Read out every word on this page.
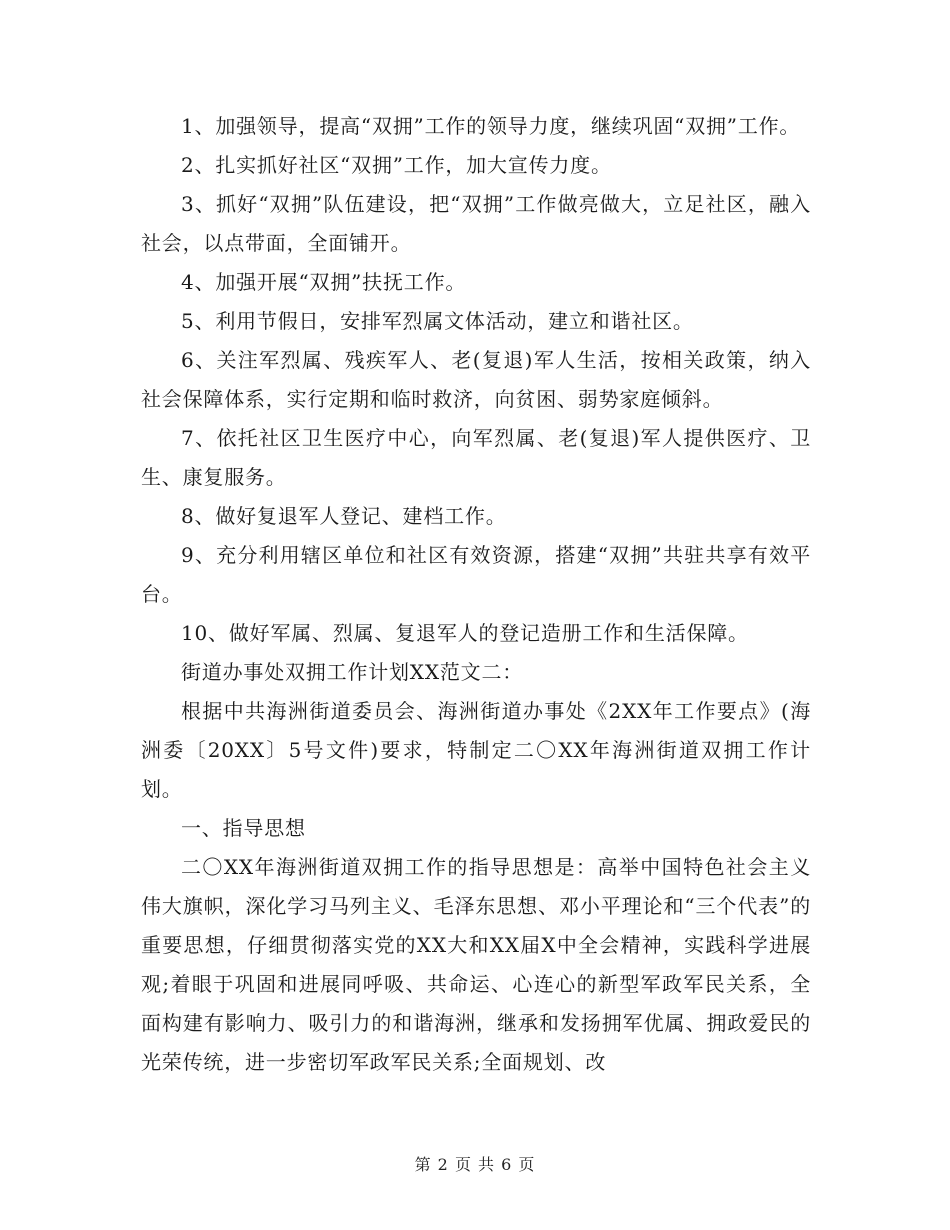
1、加强领导，提高“双拥”工作的领导力度，继续巩固“双拥”工作。

2、扎实抓好社区“双拥”工作，加大宣传力度。

3、抓好“双拥”队伍建设，把“双拥”工作做亮做大，立足社区，融入社会，以点带面，全面铺开。

4、加强开展“双拥”扶抚工作。

5、利用节假日，安排军烈属文体活动，建立和谐社区。

6、关注军烈属、残疾军人、老(复退)军人生活，按相关政策，纳入社会保障体系，实行定期和临时救济，向贫困、弱势家庭倾斜。

7、依托社区卫生医疗中心，向军烈属、老(复退)军人提供医疗、卫生、康复服务。

8、做好复退军人登记、建档工作。

9、充分利用辖区单位和社区有效资源，搭建“双拥”共驻共享有效平台。

10、做好军属、烈属、复退军人的登记造册工作和生活保障。

街道办事处双拥工作计划XX范文二：

根据中共海洲街道委员会、海洲街道办事处《2XX年工作要点》(海洲委〔20XX〕5号文件)要求，特制定二〇XX年海洲街道双拥工作计划。

一、指导思想

二〇XX年海洲街道双拥工作的指导思想是：高举中国特色社会主义伟大旗帜，深化学习马列主义、毛泽东思想、邓小平理论和“三个代表”的重要思想，仔细贯彻落实党的XX大和XX届X中全会精神，实践科学进展观;着眼于巩固和进展同呼吸、共命运、心连心的新型军政军民关系，全面构建有影响力、吸引力的和谐海洲，继承和发扬拥军优属、拥政爱民的光荣传统，进一步密切军政军民关系;全面规划、改

第 2 页 共 6 页
